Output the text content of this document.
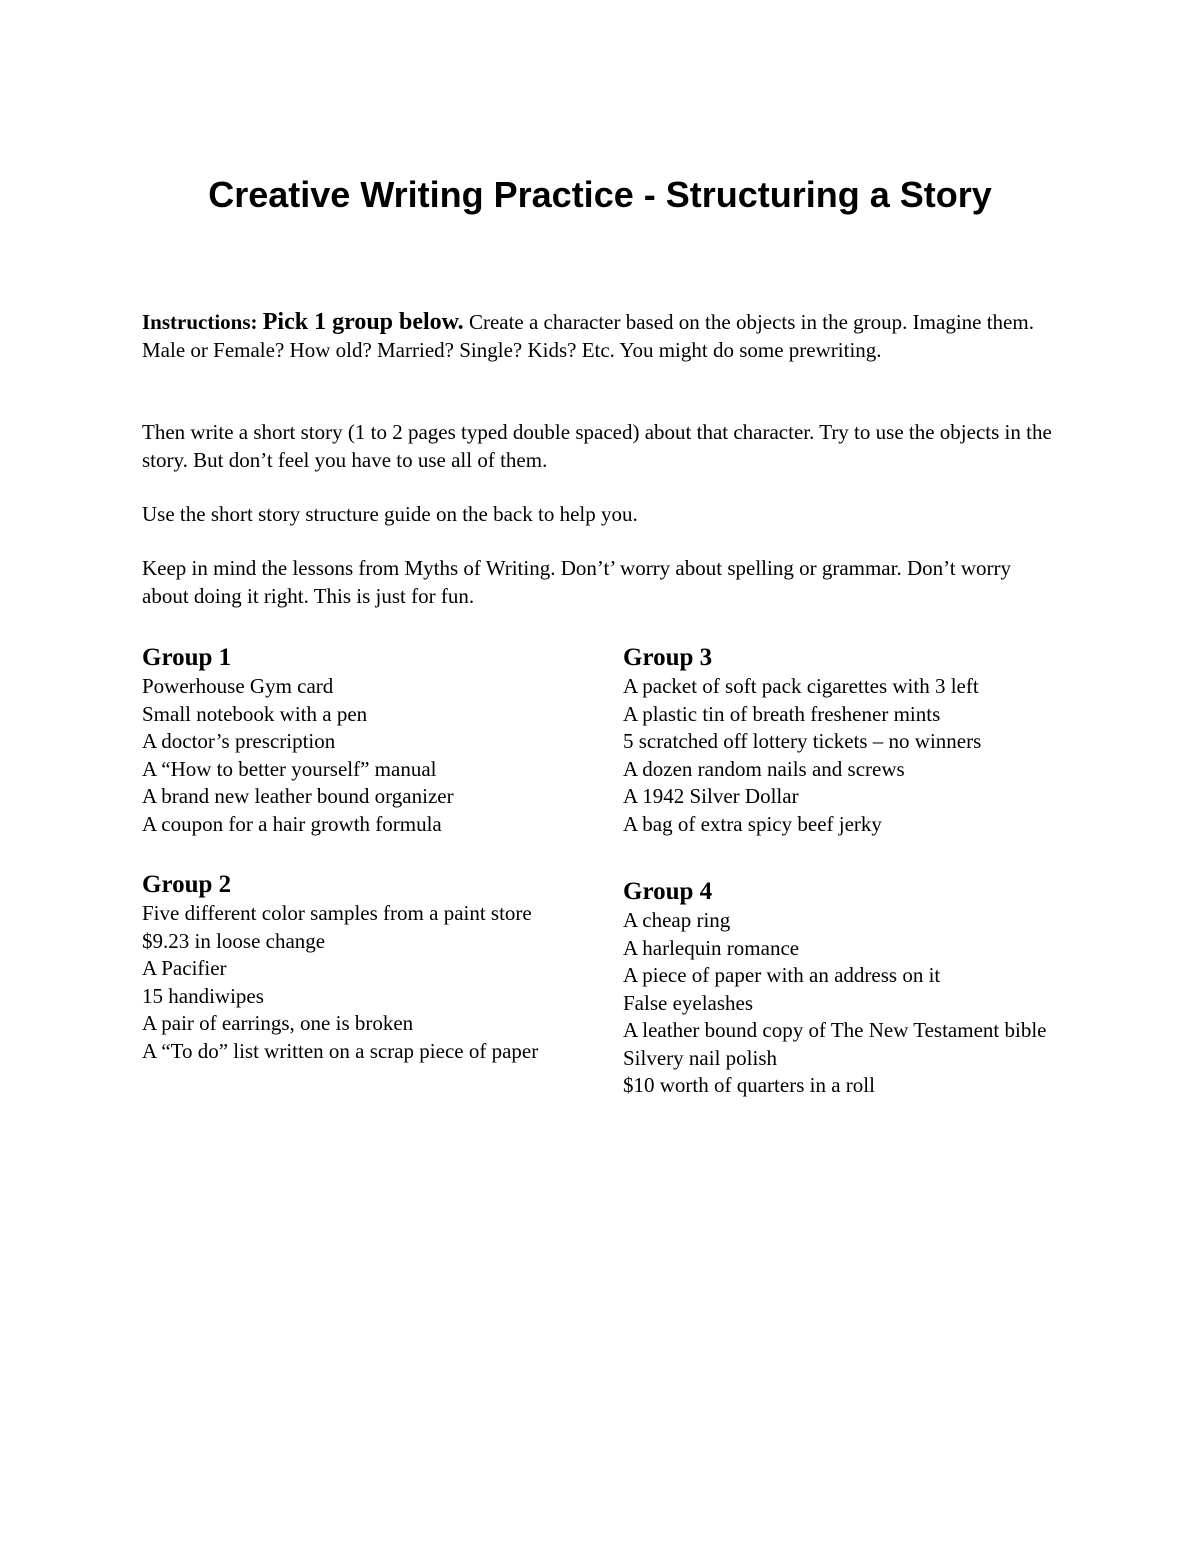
Creative Writing Practice - Structuring a Story

Instructions: Pick 1 group below. Create a character based on the objects in the group. Imagine them. Male or Female? How old? Married? Single? Kids? Etc. You might do some prewriting.

Then write a short story (1 to 2 pages typed double spaced) about that character. Try to use the objects in the story. But don’t feel you have to use all of them.

Use the short story structure guide on the back to help you.

Keep in mind the lessons from Myths of Writing. Don’t’ worry about spelling or grammar. Don’t worry about doing it right. This is just for fun.

Group 1
Powerhouse Gym card
Small notebook with a pen
A doctor’s prescription
A “How to better yourself” manual
A brand new leather bound organizer
A coupon for a hair growth formula
Group 2
Five different color samples from a paint store
$9.23 in loose change
A Pacifier
15 handiwipes
A pair of earrings, one is broken
A “To do” list written on a scrap piece of paper
Group 3
A packet of soft pack cigarettes with 3 left
A plastic tin of breath freshener mints
5 scratched off lottery tickets – no winners
A dozen random nails and screws
A 1942 Silver Dollar
A bag of extra spicy beef jerky
Group 4
A cheap ring
A harlequin romance
A piece of paper with an address on it
False eyelashes
A leather bound copy of The New Testament bible
Silvery nail polish
$10 worth of quarters in a roll
